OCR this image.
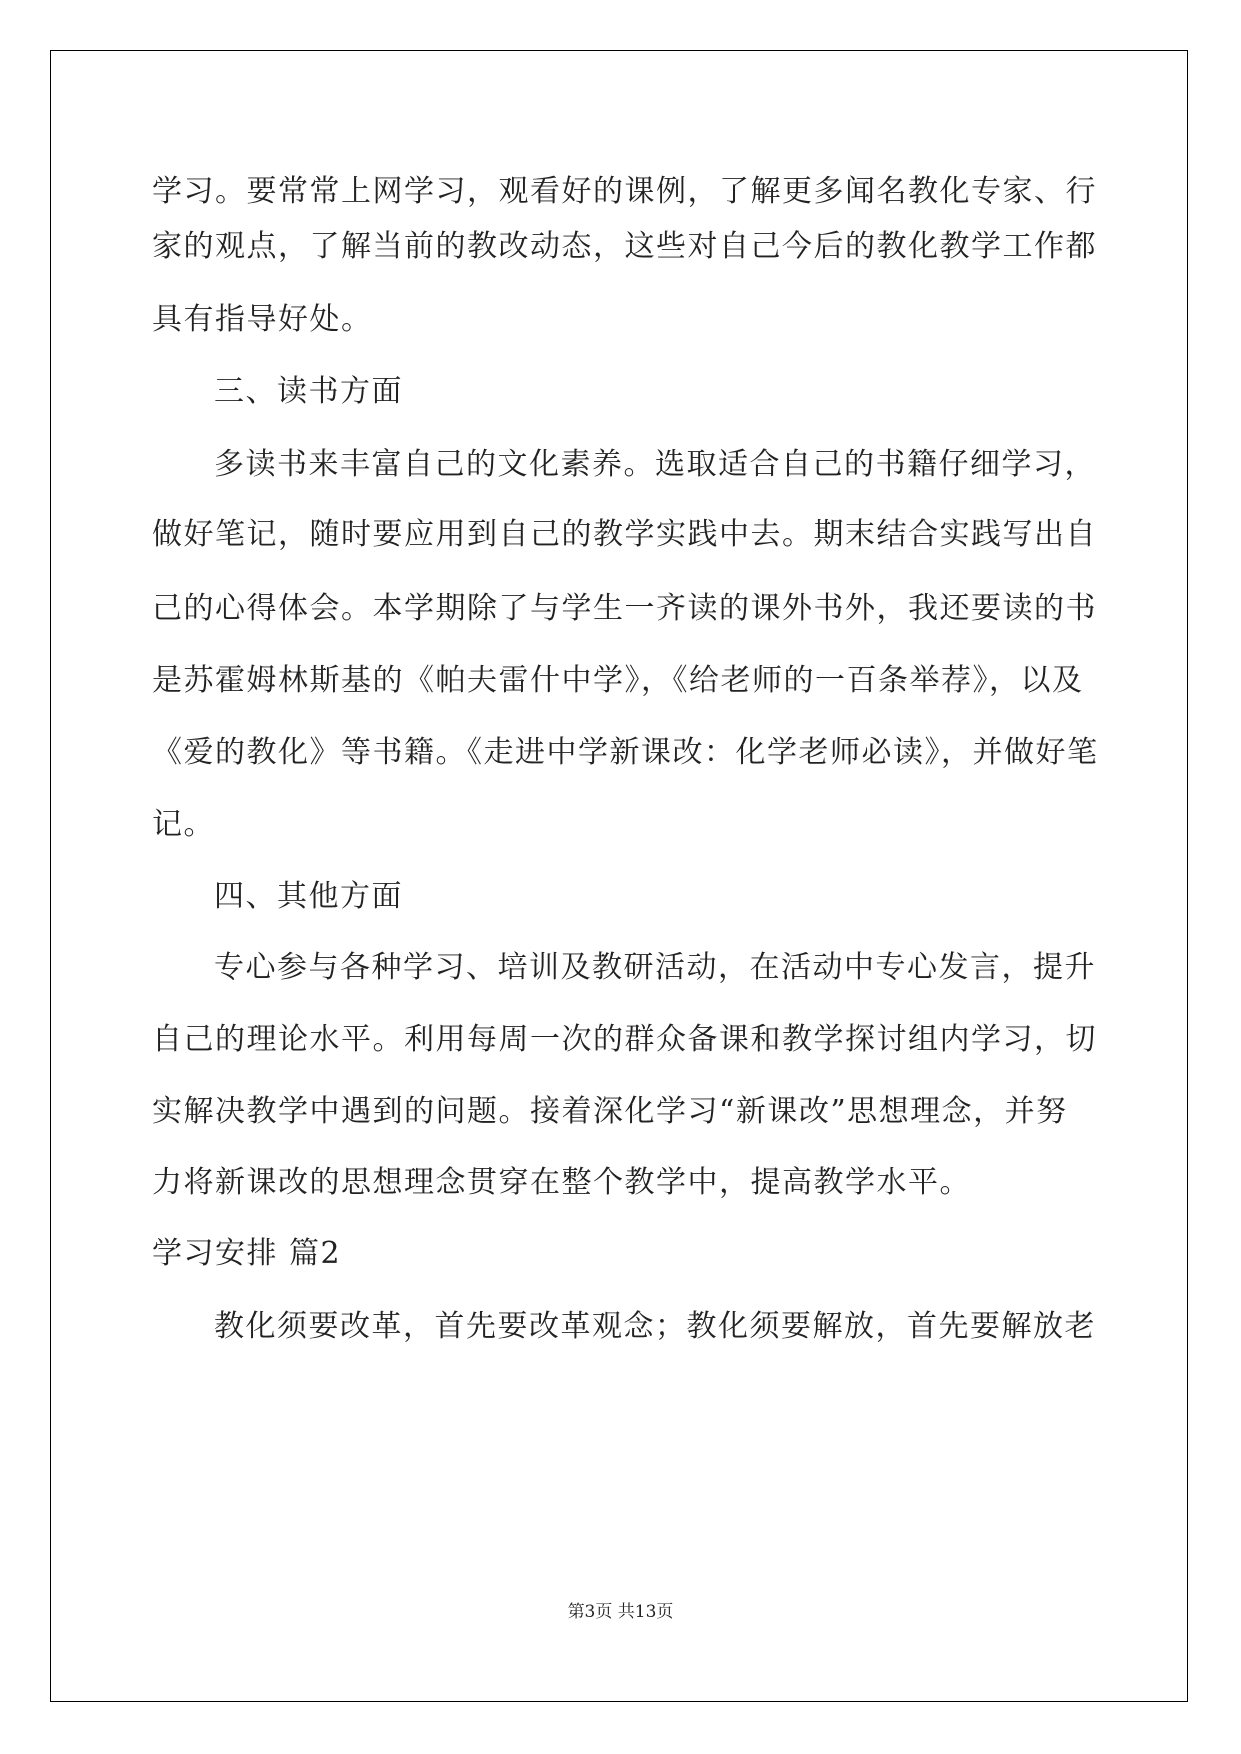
学习。要常常上网学习，观看好的课例，了解更多闻名教化专家、行

家的观点，了解当前的教改动态，这些对自己今后的教化教学工作都

具有指导好处。

三、读书方面

多读书来丰富自己的文化素养。选取适合自己的书籍仔细学习，

做好笔记，随时要应用到自己的教学实践中去。期末结合实践写出自

己的心得体会。本学期除了与学生一齐读的课外书外，我还要读的书

是苏霍姆林斯基的《帕夫雷什中学》，《给老师的一百条举荐》，以及

《爱的教化》等书籍。《走进中学新课改：化学老师必读》，并做好笔

记。

四、其他方面

专心参与各种学习、培训及教研活动，在活动中专心发言，提升

自己的理论水平。利用每周一次的群众备课和教学探讨组内学习，切

实解决教学中遇到的问题。接着深化学习“新课改”思想理念，并努

力将新课改的思想理念贯穿在整个教学中，提高教学水平。

学习安排 篇2

教化须要改革，首先要改革观念；教化须要解放，首先要解放老

第3页 共13页
